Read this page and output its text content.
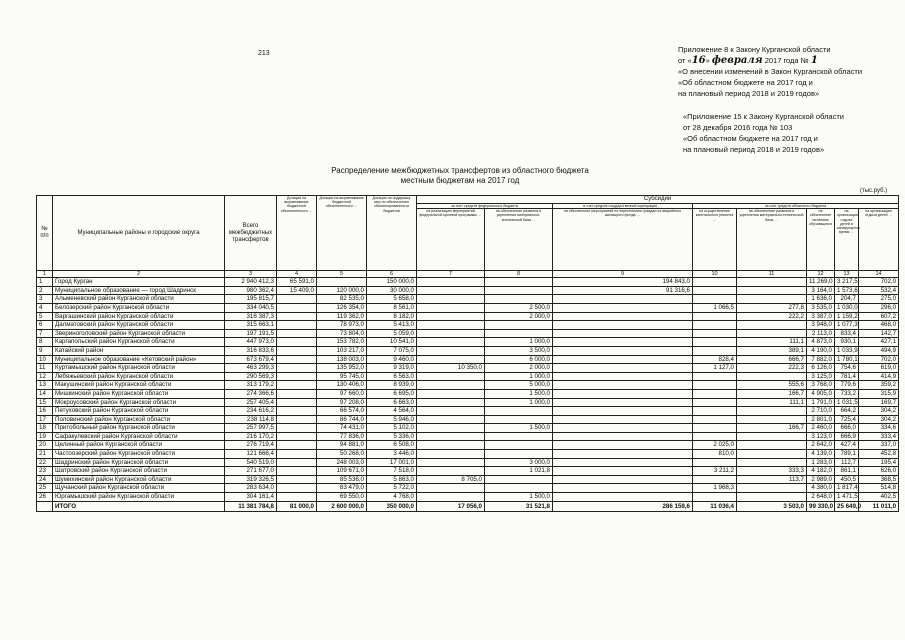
213	Приложение 8 к Закону Курганской области
от «16» февраля 2017 года № 1
«О внесении изменений в Закон Курганской области
«Об областном бюджете на 2017 год и
на плановый период 2018 и 2019 годов»
«Приложение 15 к Закону Курганской области
от 28 декабря 2016 года № 103
«Об областном бюджете на 2017 год и
на плановый период 2018 и 2019 годов»
Распределение межбюджетных трансфертов из областного бюджета
местным бюджетам на 2017 год
(тыс.руб.)
№ п/п	Муниципальные районы и городские округа	Всего межбюджетных трансфертов	Дотации на выравнивание бюджетной обеспеченности …	Дотации на выравнивание бюджетной обеспеченности …	Дотации на поддержку мер по обеспечению сбалансированности бюджетов	Субсидии							
						за счет средств федерального бюджета		в счет средств государственной корпорации …	за счет средств областного бюджета				
						на реализацию мероприятий федеральной целевой программы …	на обеспечение развития и укрепления материально-технической базы …	на обеспечение мероприятий по переселению граждан из аварийного жилищного фонда …	на осуществление капитального ремонта …	на обеспечение развития и укрепления материально-технической базы …	на обеспечение питанием обучающихся …	на организацию отдыха детей в каникулярное время …	на организацию отдыха детей …
1	2	3	4	5	6	7	8	9	10	11	12	13	14
1	Город Курган	2 940 412,3	65 591,0		150 000,0			194 843,0			11 269,0	3 217,5	702,0
2	Муниципальное образование — город Шадринск	980 362,4	15 409,0	120 000,0	30 000,0			91 316,6			3 164,0	1 573,6	532,4
3	Альменевский район Курганской области	195 815,7		82 535,0	5 658,0						1 636,0	204,7	275,0
4	Белозерский район Курганской области	334 040,5		126 354,0	8 561,0		2 500,0		1 066,5	277,8	3 535,0	1 030,0	296,0
5	Варгашинский район Курганской области	316 387,3		119 362,0	8 182,0		2 000,0			222,2	3 387,0	1 159,2	607,2
6	Далматовский район Курганской области	315 663,1		78 973,0	5 413,0						3 948,0	1 077,3	468,0
7	Звериноголовский район Курганской области	197 191,5		73 804,0	5 059,0						2 113,0	833,4	142,7
8	Каргапольский район Курганской области	447 973,0		153 782,0	10 541,0		1 000,0			111,1	4 873,0	930,1	427,1
9	Катайский район	316 833,6		103 217,0	7 075,0		3 500,0			389,1	4 190,0	1 033,9	494,9
10	Муниципальное образование «Кетовский район»	673 679,4		138 003,0	9 460,0		6 000,0		828,4	666,7	7 882,0	1 780,1	702,0
11	Куртамышский район Курганской области	463 299,3		135 952,0	9 319,0	10 350,0	2 000,0		1 127,0	222,3	6 126,0	754,6	619,0
12	Лебяжьевский район Курганской области	290 569,3		95 745,0	6 563,0		1 000,0				3 125,0	781,4	414,9
13	Макушинский район Курганской области	313 179,2		130 406,0	8 939,0		5 000,0			555,6	3 768,0	779,6	359,2
14	Мишкинский район Курганской области	274 366,6		97 660,0	6 695,0		1 500,0			166,7	4 905,0	733,2	315,9
15	Мокроусовский район Курганской области	257 405,4		97 208,0	6 663,0		1 000,0			111,1	1 791,0	1 031,5	169,7
16	Петуховский район Курганской области	234 616,2		66 574,0	4 564,0						2 710,0	664,2	304,2
17	Половинский район Курганской области	238 114,8		86 744,0	5 946,0						2 801,0	725,4	304,2
18	Притобольный район Курганской области	257 997,5		74 431,0	5 102,0		1 500,0			166,7	2 460,0	666,0	334,6
19	Сафакулевский район Курганской области	216 170,2		77 836,0	5 336,0						3 123,0	666,9	333,4
20	Целинный район Курганской области	276 719,4		94 881,0	6 508,0				2 025,0		2 642,0	427,4	337,0
21	Частоозерский район Курганской области	121 666,4		50 268,0	3 446,0				810,0		4 139,0	789,1	452,8
22	Шадринский район Курганской области	540 519,0		248 003,0	17 001,0		3 000,0				1 283,0	112,7	195,4
23	Шатровский район Курганской области	271 677,0		109 671,0	7 518,0		1 021,8		3 211,2	333,3	4 182,0	861,1	626,0
24	Шумихинский район Курганской области	319 326,5		85 536,0	5 863,0	8 705,0				113,7	2 989,0	450,5	368,5
25	Щучанский район Курганской области	283 634,0		83 479,0	5 722,0				1 968,3		4 380,0	1 817,4	514,8
26	Юргамышский район Курганской области	304 161,4		69 550,0	4 768,0		1 500,0				2 648,0	1 471,5	402,5
	ИТОГО	11 381 784,8	81 000,0	2 600 000,0	350 000,0	17 056,0	31 521,8	286 159,6	11 036,4	3 503,0	99 330,0	25 649,0	11 011,0
